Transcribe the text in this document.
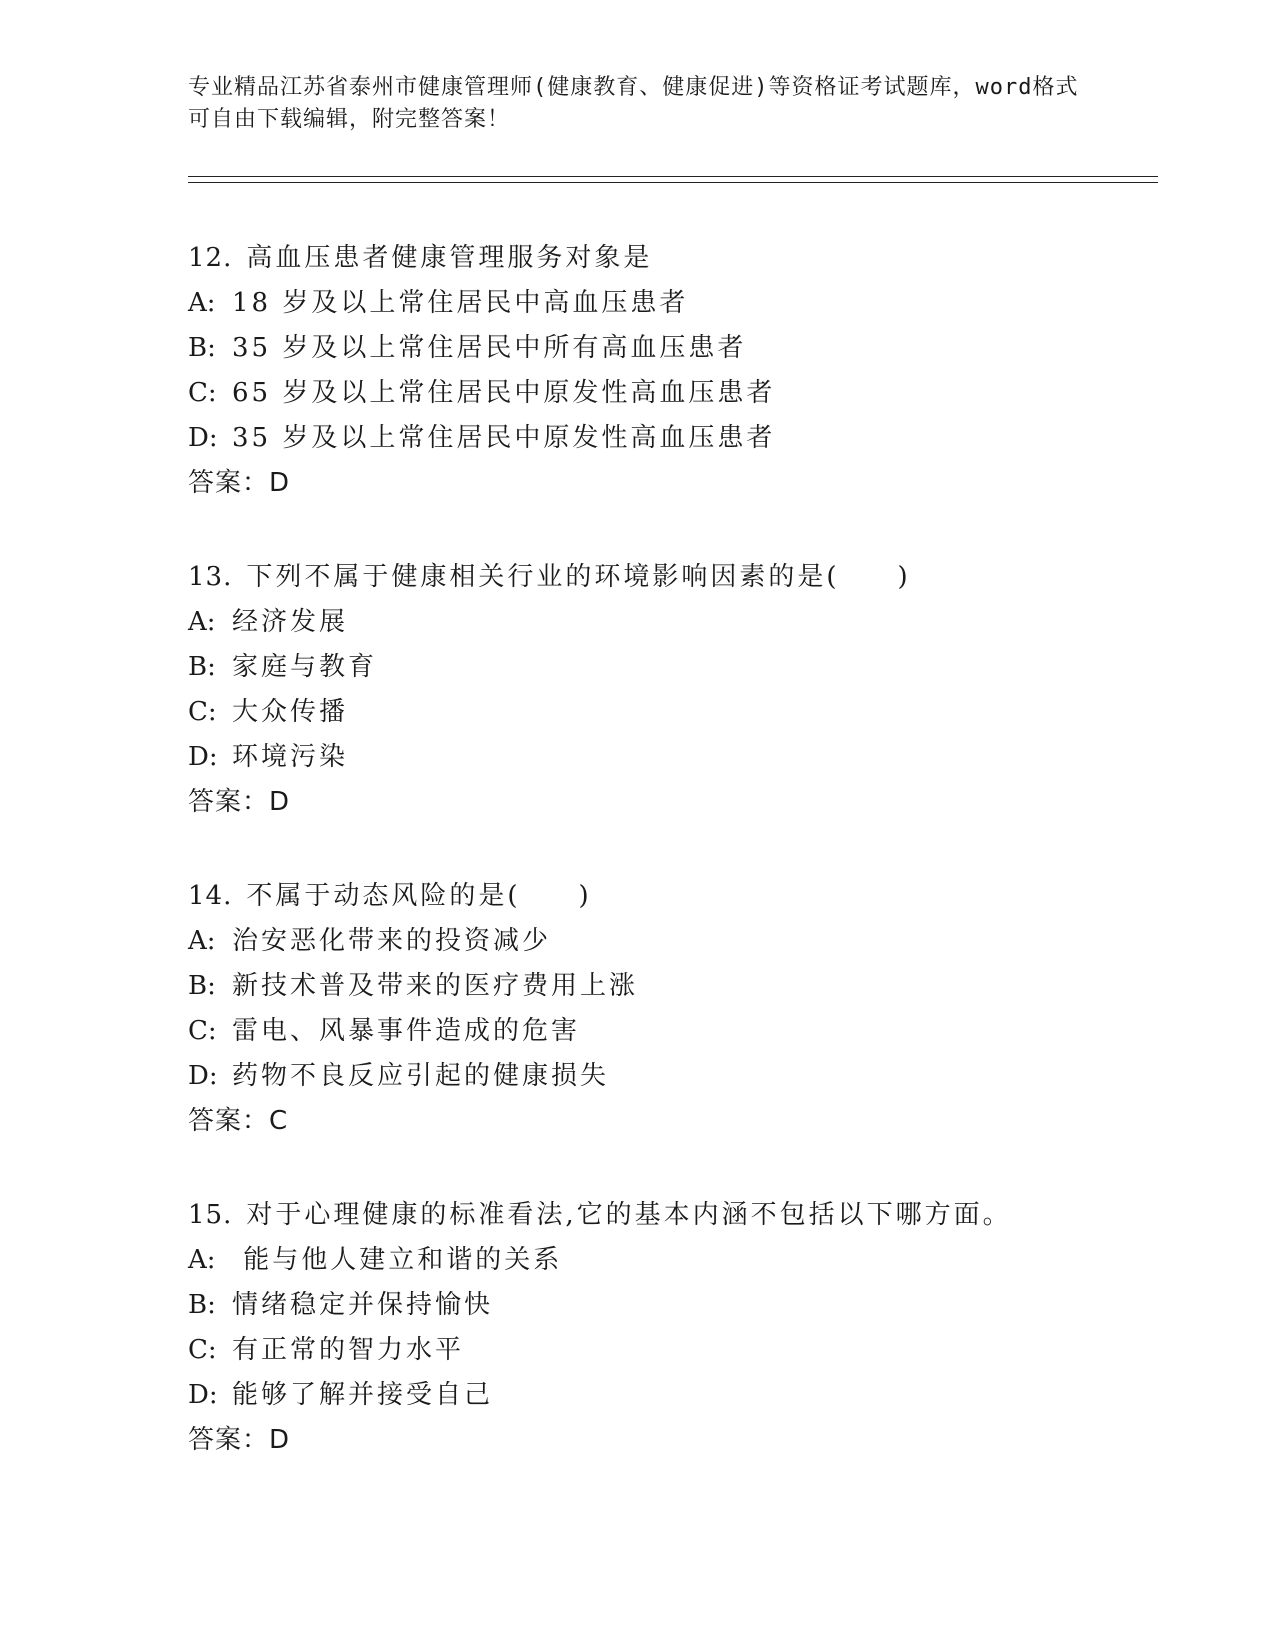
专业精品江苏省泰州市健康管理师(健康教育、健康促进)等资格证考试题库，word格式可自由下载编辑，附完整答案！
12. 高血压患者健康管理服务对象是
A: 18 岁及以上常住居民中高血压患者
B: 35 岁及以上常住居民中所有高血压患者
C: 65 岁及以上常住居民中原发性高血压患者
D: 35 岁及以上常住居民中原发性高血压患者
答案：D
13. 下列不属于健康相关行业的环境影响因素的是(　　)
A: 经济发展
B: 家庭与教育
C: 大众传播
D: 环境污染
答案：D
14. 不属于动态风险的是(　　)
A: 治安恶化带来的投资减少
B: 新技术普及带来的医疗费用上涨
C: 雷电、风暴事件造成的危害
D: 药物不良反应引起的健康损失
答案：C
15. 对于心理健康的标准看法,它的基本内涵不包括以下哪方面。
A: 能与他人建立和谐的关系
B: 情绪稳定并保持愉快
C: 有正常的智力水平
D: 能够了解并接受自己
答案：D
